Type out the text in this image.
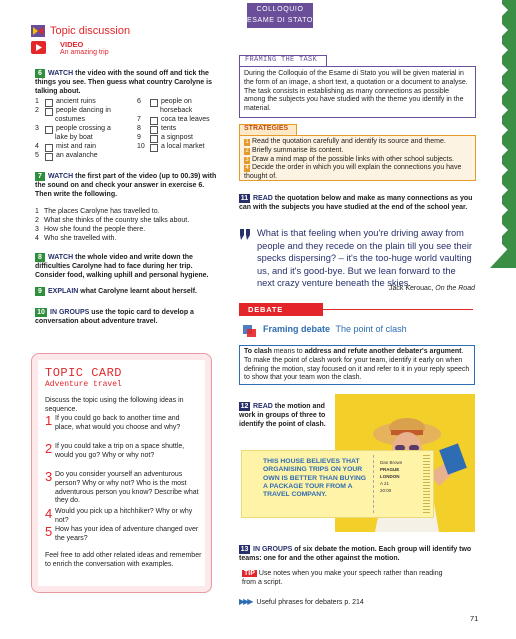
Topic discussion
VIDEO
An amazing trip
6 WATCH the video with the sound off and tick the things you see. Then guess what country Carolyne is talking about.
1	ancient ruins
2	people dancing in
costumes
3	people crossing a
lake by boat
4	mist and rain
5	an avalanche
6	people on
horseback
7	coca tea leaves
8	tents
9	a signpost
10	a local market
7 WATCH the first part of the video (up to 00.39) with the sound on and check your answer in exercise 6. Then write the following.
1 The places Carolyne has travelled to.
2 What she thinks of the country she talks about.
3 How she found the people there.
4 Who she travelled with.
8 WATCH the whole video and write down the difficulties Carolyne had to face during her trip. Consider food, walking uphill and personal hygiene.
9 EXPLAIN what Carolyne learnt about herself.
10 IN GROUPS use the topic card to develop a conversation about adventure travel.
TOPIC CARD
Adventure travel
Discuss the topic using the following ideas in sequence.
1 If you could go back to another time and place, what would you choose and why?
2 If you could take a trip on a space shuttle, would you go? Why or why not?
3 Do you consider yourself an adventurous person? Why or why not? Who is the most adventurous person you know? Describe what they do.
4 Would you pick up a hitchhiker? Why or why not?
5 How has your idea of adventure changed over the years?
Feel free to add other related ideas and remember to enrich the conversation with examples.
COLLOQUIO
ESAME DI STATO
FRAMING THE TASK
During the Colloquio of the Esame di Stato you will be given material in the form of an image, a short text, a quotation or a document to analyse. The task consists in establishing as many connections as possible among the subjects you have studied with the theme you identify in the material.
STRATEGIES
1 Read the quotation carefully and identify its source and theme.
2 Briefly summarise its content.
3 Draw a mind map of the possible links with other school subjects.
4 Decide the order in which you will explain the connections you have thought of.
11 READ the quotation below and make as many connections as you can with the subjects you have studied at the end of the school year.
What is that feeling when you're driving away from people and they recede on the plain till you see their specks dispersing? – it's the too-huge world vaulting us, and it's good-bye. But we lean forward to the next crazy venture beneath the skies.
Jack Kerouac, On the Road
DEBATE TRAINING
Framing debate The point of clash
To clash means to address and refute another debater's argument. To make the point of clash work for your team, identify it early on when defining the motion, stay focused on it and refer to it in your reply speech to show that your team won the clash.
12 READ the motion and work in groups of three to identify the point of clash.
THIS HOUSE BELIEVES THAT ORGANISING TRIPS ON YOUR OWN IS BETTER THAN BUYING A PACKAGE TOUR FROM A TRAVEL COMPANY.
Dan Brown
PRAGUE
LONDON
A 21
20:00
13 IN GROUPS of six debate the motion. Each group will identify two teams: one for and the other against the motion.
TIP Use notes when you make your speech rather than reading from a script.
▶▶▶ Useful phrases for debaters p. 214
71
